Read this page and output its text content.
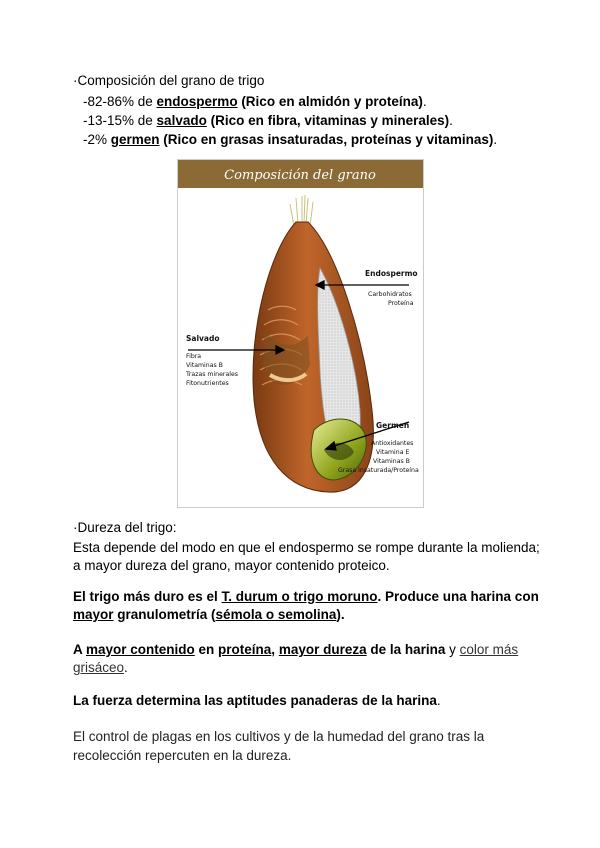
·Composición del grano de trigo
-82-86% de endospermo (Rico en almidón y proteína).
-13-15% de salvado (Rico en fibra, vitaminas y minerales).
-2% germen (Rico en grasas insaturadas, proteínas y vitaminas).
Composición del grano
Endospermo
Carbohidratos
Proteína
Salvado
Fibra
Vitaminas B
Trazas minerales
Fitonutrientes
Germen
Antioxidantes
Vitamina E
Vitaminas B
Grasa insaturada/Proteína
·Dureza del trigo:
Esta depende del modo en que el endospermo se rompe durante la molienda;
a mayor dureza del grano, mayor contenido proteico.
El trigo más duro es el T. durum o trigo moruno. Produce una harina con
mayor granulometría (sémola o semolina).
A mayor contenido en proteína, mayor dureza de la harina y color más
grisáceo.
La fuerza determina las aptitudes panaderas de la harina.
El control de plagas en los cultivos y de la humedad del grano tras la
recolección repercuten en la dureza.
